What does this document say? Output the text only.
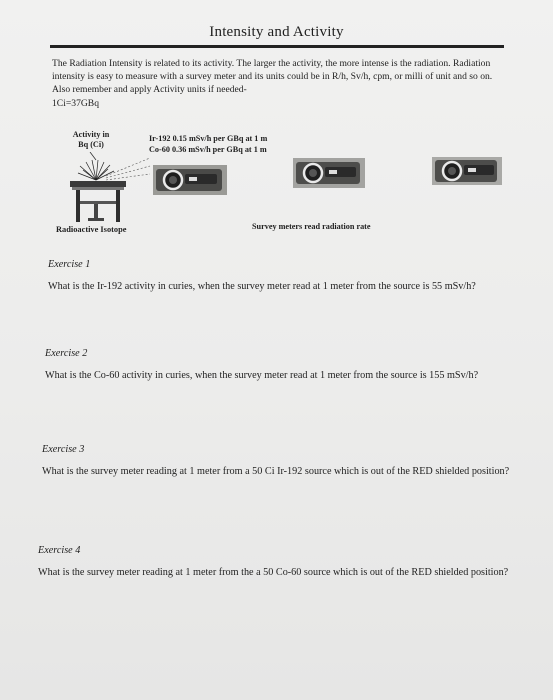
Intensity and Activity

The Radiation Intensity is related to its activity. The larger the activity, the more intense is the radiation. Radiation intensity is easy to measure with a survey meter and its units could be in R/h, Sv/h, cpm, or milli of unit and so on. Also remember and apply Activity units if needed-
1Ci=37GBq

Activity in
Bq (Ci)
Ir-192 0.15 mSv/h per GBq at 1 m
Co-60 0.36 mSv/h per GBq at 1 m
Radioactive Isotope	Survey meters read radiation rate
Exercise 1
What is the Ir-192 activity in curies, when the survey meter read at 1 meter from the source is 55 mSv/h?
Exercise 2
What is the Co-60 activity in curies, when the survey meter read at 1 meter from the source is 155 mSv/h?
Exercise 3
What is the survey meter reading at 1 meter from a 50 Ci Ir-192 source which is out of the RED shielded position?
Exercise 4
What is the survey meter reading at 1 meter from the a 50 Co-60 source which is out of the RED shielded position?
